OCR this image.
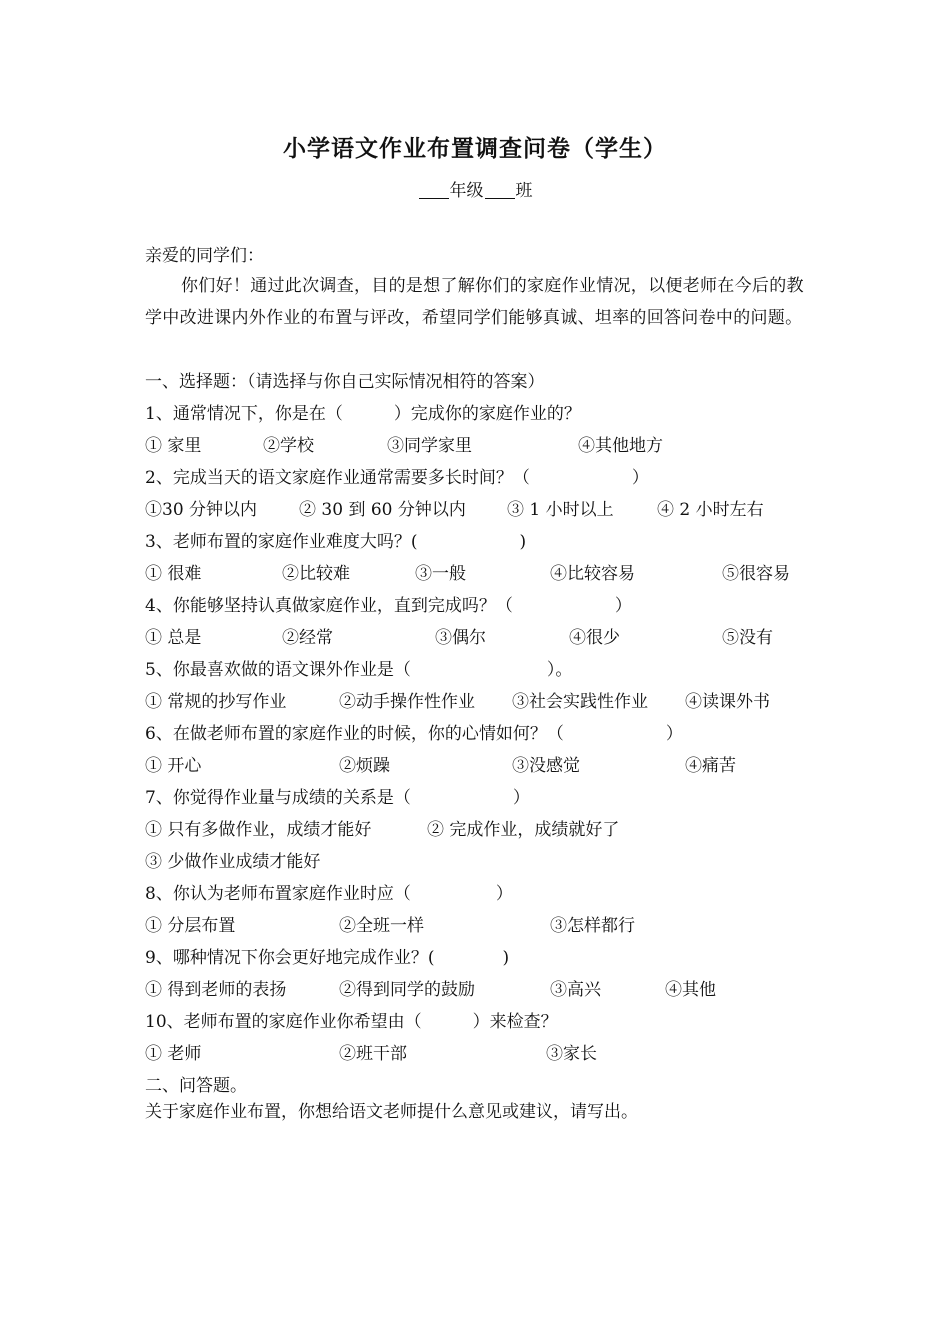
小学语文作业布置调查问卷（学生）
年级 班
亲爱的同学们：
你们好！通过此次调查，目的是想了解你们的家庭作业情况，以便老师在今后的教学中改进课内外作业的布置与评改，希望同学们能够真诚、坦率的回答问卷中的问题。
一、选择题：（请选择与你自己实际情况相符的答案）
1、通常情况下，你是在（　　　）完成你的家庭作业的？
① 家里	②学校	③同学家里	④其他地方
2、完成当天的语文家庭作业通常需要多长时间？（　　　　　　）
①30 分钟以内 ② 30 到 60 分钟以内 ③ 1 小时以上	④ 2 小时左右
3、老师布置的家庭作业难度大吗？(　　　　　　)
① 很难	②比较难	③一般	④比较容易	⑤很容易
4、你能够坚持认真做家庭作业，直到完成吗？（　　　　　　）
① 总是	②经常	③偶尔	④很少	⑤没有
5、你最喜欢做的语文课外作业是（　　　　　　　　）。
① 常规的抄写作业	②动手操作性作业 ③社会实践性作业 ④读课外书
6、在做老师布置的家庭作业的时候，你的心情如何？（　　　　　　）
① 开心	②烦躁	③没感觉	④痛苦
7、你觉得作业量与成绩的关系是（　　　　　　）
① 只有多做作业，成绩才能好	② 完成作业，成绩就好了
③ 少做作业成绩才能好
8、你认为老师布置家庭作业时应（　　　　　）
① 分层布置	②全班一样	③怎样都行
9、哪种情况下你会更好地完成作业？(　　　　)
① 得到老师的表扬	②得到同学的鼓励	③高兴	④其他
10、老师布置的家庭作业你希望由（　　　）来检查？
① 老师	②班干部	③家长
二、问答题。
关于家庭作业布置，你想给语文老师提什么意见或建议，请写出。
